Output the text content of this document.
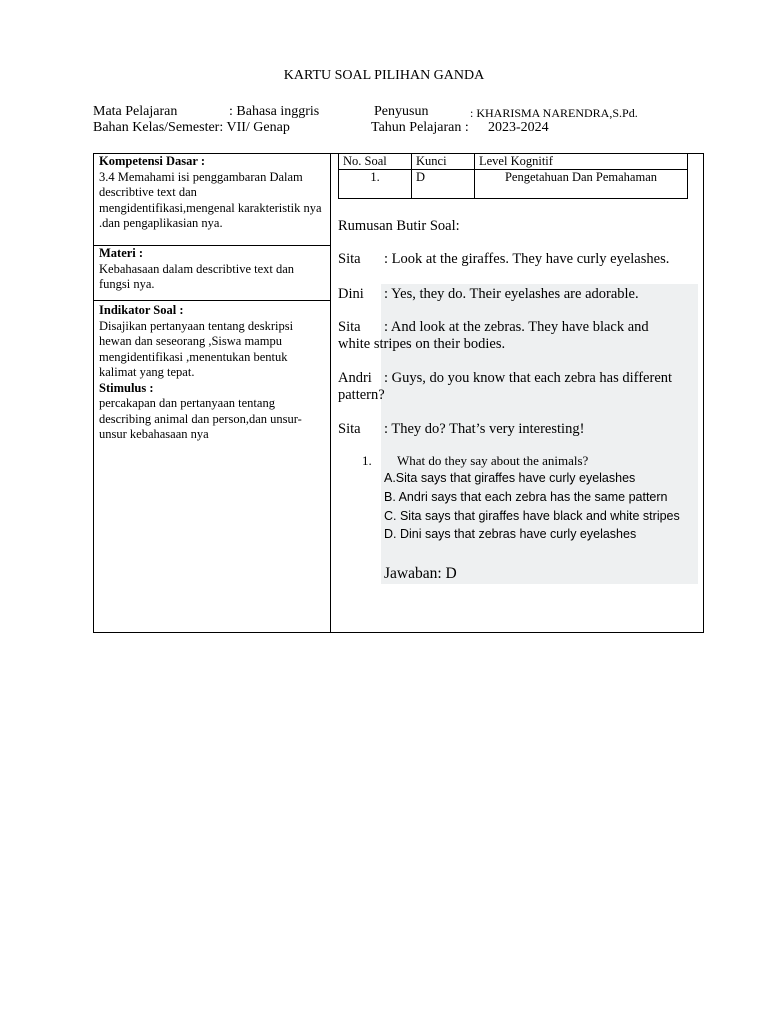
KARTU SOAL PILIHAN GANDA
Mata Pelajaran	: Bahasa inggris	Penyusun	: KHARISMA NARENDRA,S.Pd.
Bahan Kelas/Semester: VII/ Genap	Tahun Pelajaran : 2023-2024
Kompetensi Dasar :
3.4 Memahami isi penggambaran Dalam describtive text dan mengidentifikasi,mengenal karakteristik nya .dan pengaplikasian nya.
Materi :
Kebahasaan dalam describtive text dan fungsi nya.
Indikator Soal :
Disajikan pertanyaan tentang deskripsi hewan dan seseorang ,Siswa mampu mengidentifikasi ,menentukan bentuk kalimat yang tepat.
Stimulus :
percakapan dan pertanyaan tentang describing animal dan person,dan unsur-unsur kebahasaan nya
No. Soal	Kunci	Level Kognitif
1.	D	Pengetahuan Dan Pemahaman
Rumusan Butir Soal:
Sita : Look at the giraffes. They have curly eyelashes.
Dini : Yes, they do. Their eyelashes are adorable.
Sita : And look at the zebras. They have black and
white stripes on their bodies.
Andri : Guys, do you know that each zebra has different
pattern?
Sita : They do? That’s very interesting!
1. What do they say about the animals?
A.Sita says that giraffes have curly eyelashes
B. Andri says that each zebra has the same pattern
C. Sita says that giraffes have black and white stripes
D. Dini says that zebras have curly eyelashes
Jawaban: D
